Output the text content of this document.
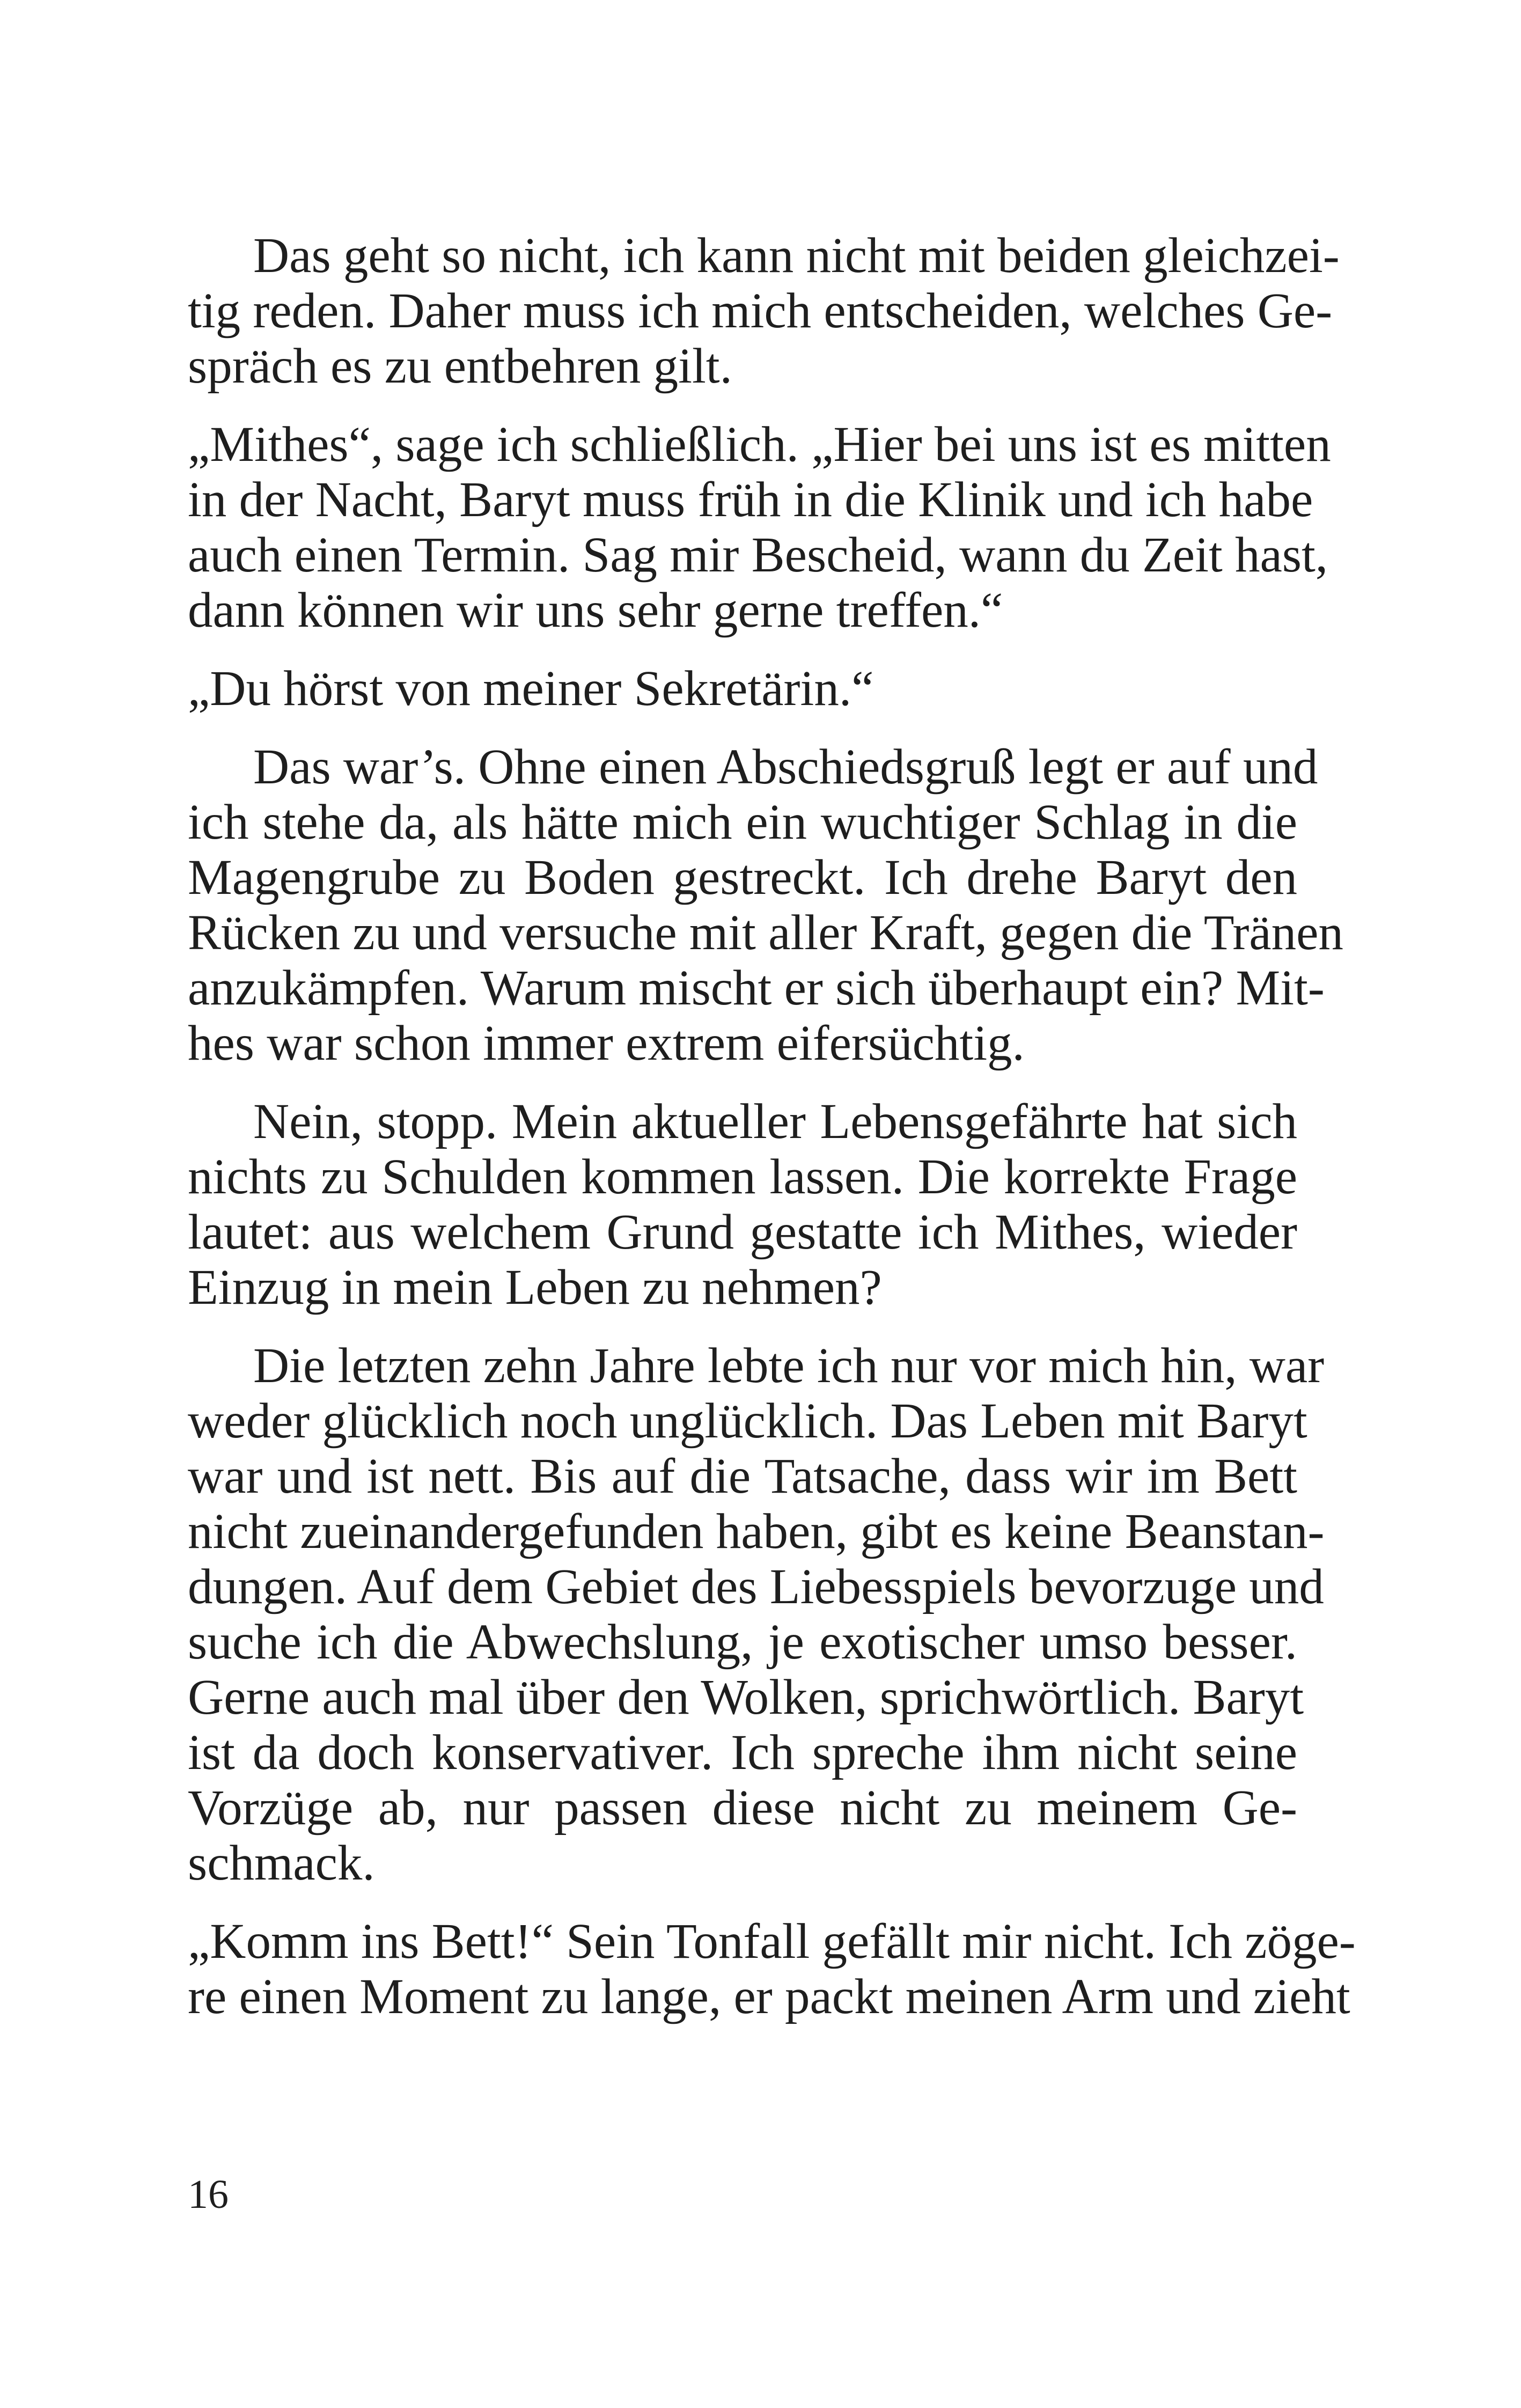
Das geht so nicht, ich kann nicht mit beiden gleichzei-
tig reden. Daher muss ich mich entscheiden, welches Ge-
spräch es zu entbehren gilt.
„Mithes“, sage ich schließlich. „Hier bei uns ist es mitten
in der Nacht, Baryt muss früh in die Klinik und ich habe
auch einen Termin. Sag mir Bescheid, wann du Zeit hast,
dann können wir uns sehr gerne treffen.“
„Du hörst von meiner Sekretärin.“
Das war’s. Ohne einen Abschiedsgruß legt er auf und
ich stehe da, als hätte mich ein wuchtiger Schlag in die
Magengrube zu Boden gestreckt. Ich drehe Baryt den
Rücken zu und versuche mit aller Kraft, gegen die Tränen
anzukämpfen. Warum mischt er sich überhaupt ein? Mit-
hes war schon immer extrem eifersüchtig.
Nein, stopp. Mein aktueller Lebensgefährte hat sich
nichts zu Schulden kommen lassen. Die korrekte Frage
lautet: aus welchem Grund gestatte ich Mithes, wieder
Einzug in mein Leben zu nehmen?
Die letzten zehn Jahre lebte ich nur vor mich hin, war
weder glücklich noch unglücklich. Das Leben mit Baryt
war und ist nett. Bis auf die Tatsache, dass wir im Bett
nicht zueinandergefunden haben, gibt es keine Beanstan-
dungen. Auf dem Gebiet des Liebesspiels bevorzuge und
suche ich die Abwechslung, je exotischer umso besser.
Gerne auch mal über den Wolken, sprichwörtlich. Baryt
ist da doch konservativer. Ich spreche ihm nicht seine
Vorzüge ab, nur passen diese nicht zu meinem Ge-
schmack.
„Komm ins Bett!“ Sein Tonfall gefällt mir nicht. Ich zöge-
re einen Moment zu lange, er packt meinen Arm und zieht
16
